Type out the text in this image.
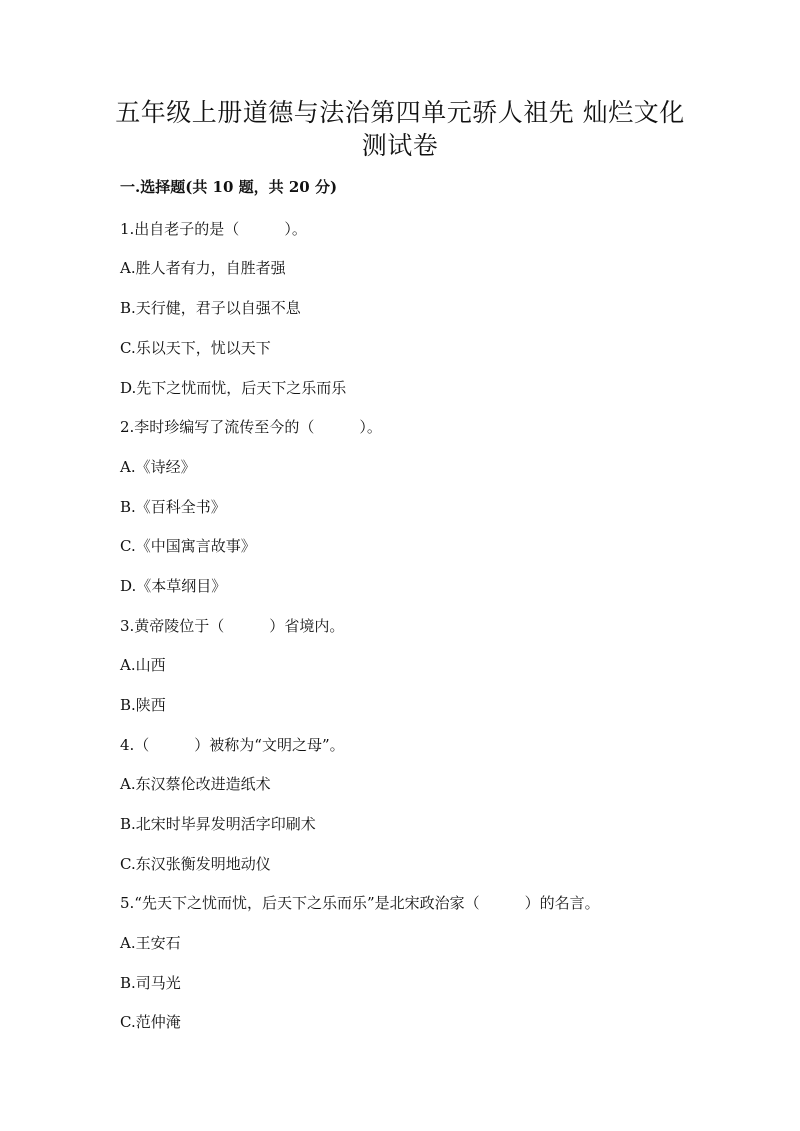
五年级上册道德与法治第四单元骄人祖先 灿烂文化
测试卷
一.选择题(共 10 题，共 20 分)
1.出自老子的是（　　　）。
A.胜人者有力，自胜者强
B.天行健，君子以自强不息
C.乐以天下，忧以天下
D.先下之忧而忧，后天下之乐而乐
2.李时珍编写了流传至今的（　　　）。
A.《诗经》
B.《百科全书》
C.《中国寓言故事》
D.《本草纲目》
3.黄帝陵位于（　　　）省境内。
A.山西
B.陕西
4.（　　　）被称为“文明之母”。
A.东汉蔡伦改进造纸术
B.北宋时毕昇发明活字印刷术
C.东汉张衡发明地动仪
5.“先天下之忧而忧，后天下之乐而乐”是北宋政治家（　　　）的名言。
A.王安石
B.司马光
C.范仲淹
